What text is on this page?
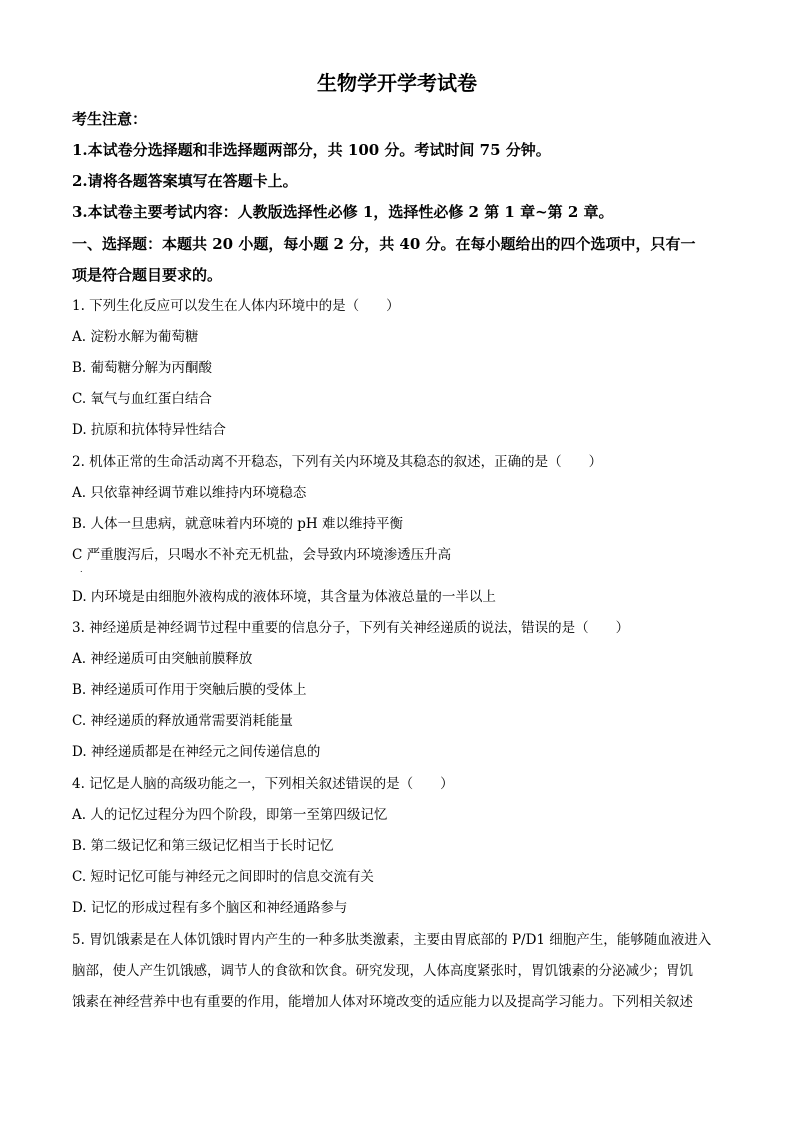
生物学开学考试卷
考生注意：
1.本试卷分选择题和非选择题两部分，共 100 分。考试时间 75 分钟。
2.请将各题答案填写在答题卡上。
3.本试卷主要考试内容：人教版选择性必修 1，选择性必修 2 第 1 章~第 2 章。
一、选择题：本题共 20 小题，每小题 2 分，共 40 分。在每小题给出的四个选项中，只有一
项是符合题目要求的。
1. 下列生化反应可以发生在人体内环境中的是（　　）
A. 淀粉水解为葡萄糖
B. 葡萄糖分解为丙酮酸
C. 氧气与血红蛋白结合
D. 抗原和抗体特异性结合
2. 机体正常的生命活动离不开稳态，下列有关内环境及其稳态的叙述，正确的是（　　）
A. 只依靠神经调节难以维持内环境稳态
B. 人体一旦患病，就意味着内环境的 pH 难以维持平衡
C 严重腹泻后，只喝水不补充无机盐，会导致内环境渗透压升高
.
D. 内环境是由细胞外液构成的液体环境，其含量为体液总量的一半以上
3. 神经递质是神经调节过程中重要的信息分子，下列有关神经递质的说法，错误的是（　　）
A. 神经递质可由突触前膜释放
B. 神经递质可作用于突触后膜的受体上
C. 神经递质的释放通常需要消耗能量
D. 神经递质都是在神经元之间传递信息的
4. 记忆是人脑的高级功能之一，下列相关叙述错误的是（　　）
A. 人的记忆过程分为四个阶段，即第一至第四级记忆
B. 第二级记忆和第三级记忆相当于长时记忆
C. 短时记忆可能与神经元之间即时的信息交流有关
D. 记忆的形成过程有多个脑区和神经通路参与
5. 胃饥饿素是在人体饥饿时胃内产生的一种多肽类激素，主要由胃底部的 P/D1 细胞产生，能够随血液进入
脑部，使人产生饥饿感，调节人的食欲和饮食。研究发现，人体高度紧张时，胃饥饿素的分泌减少；胃饥
饿素在神经营养中也有重要的作用，能增加人体对环境改变的适应能力以及提高学习能力。下列相关叙述
